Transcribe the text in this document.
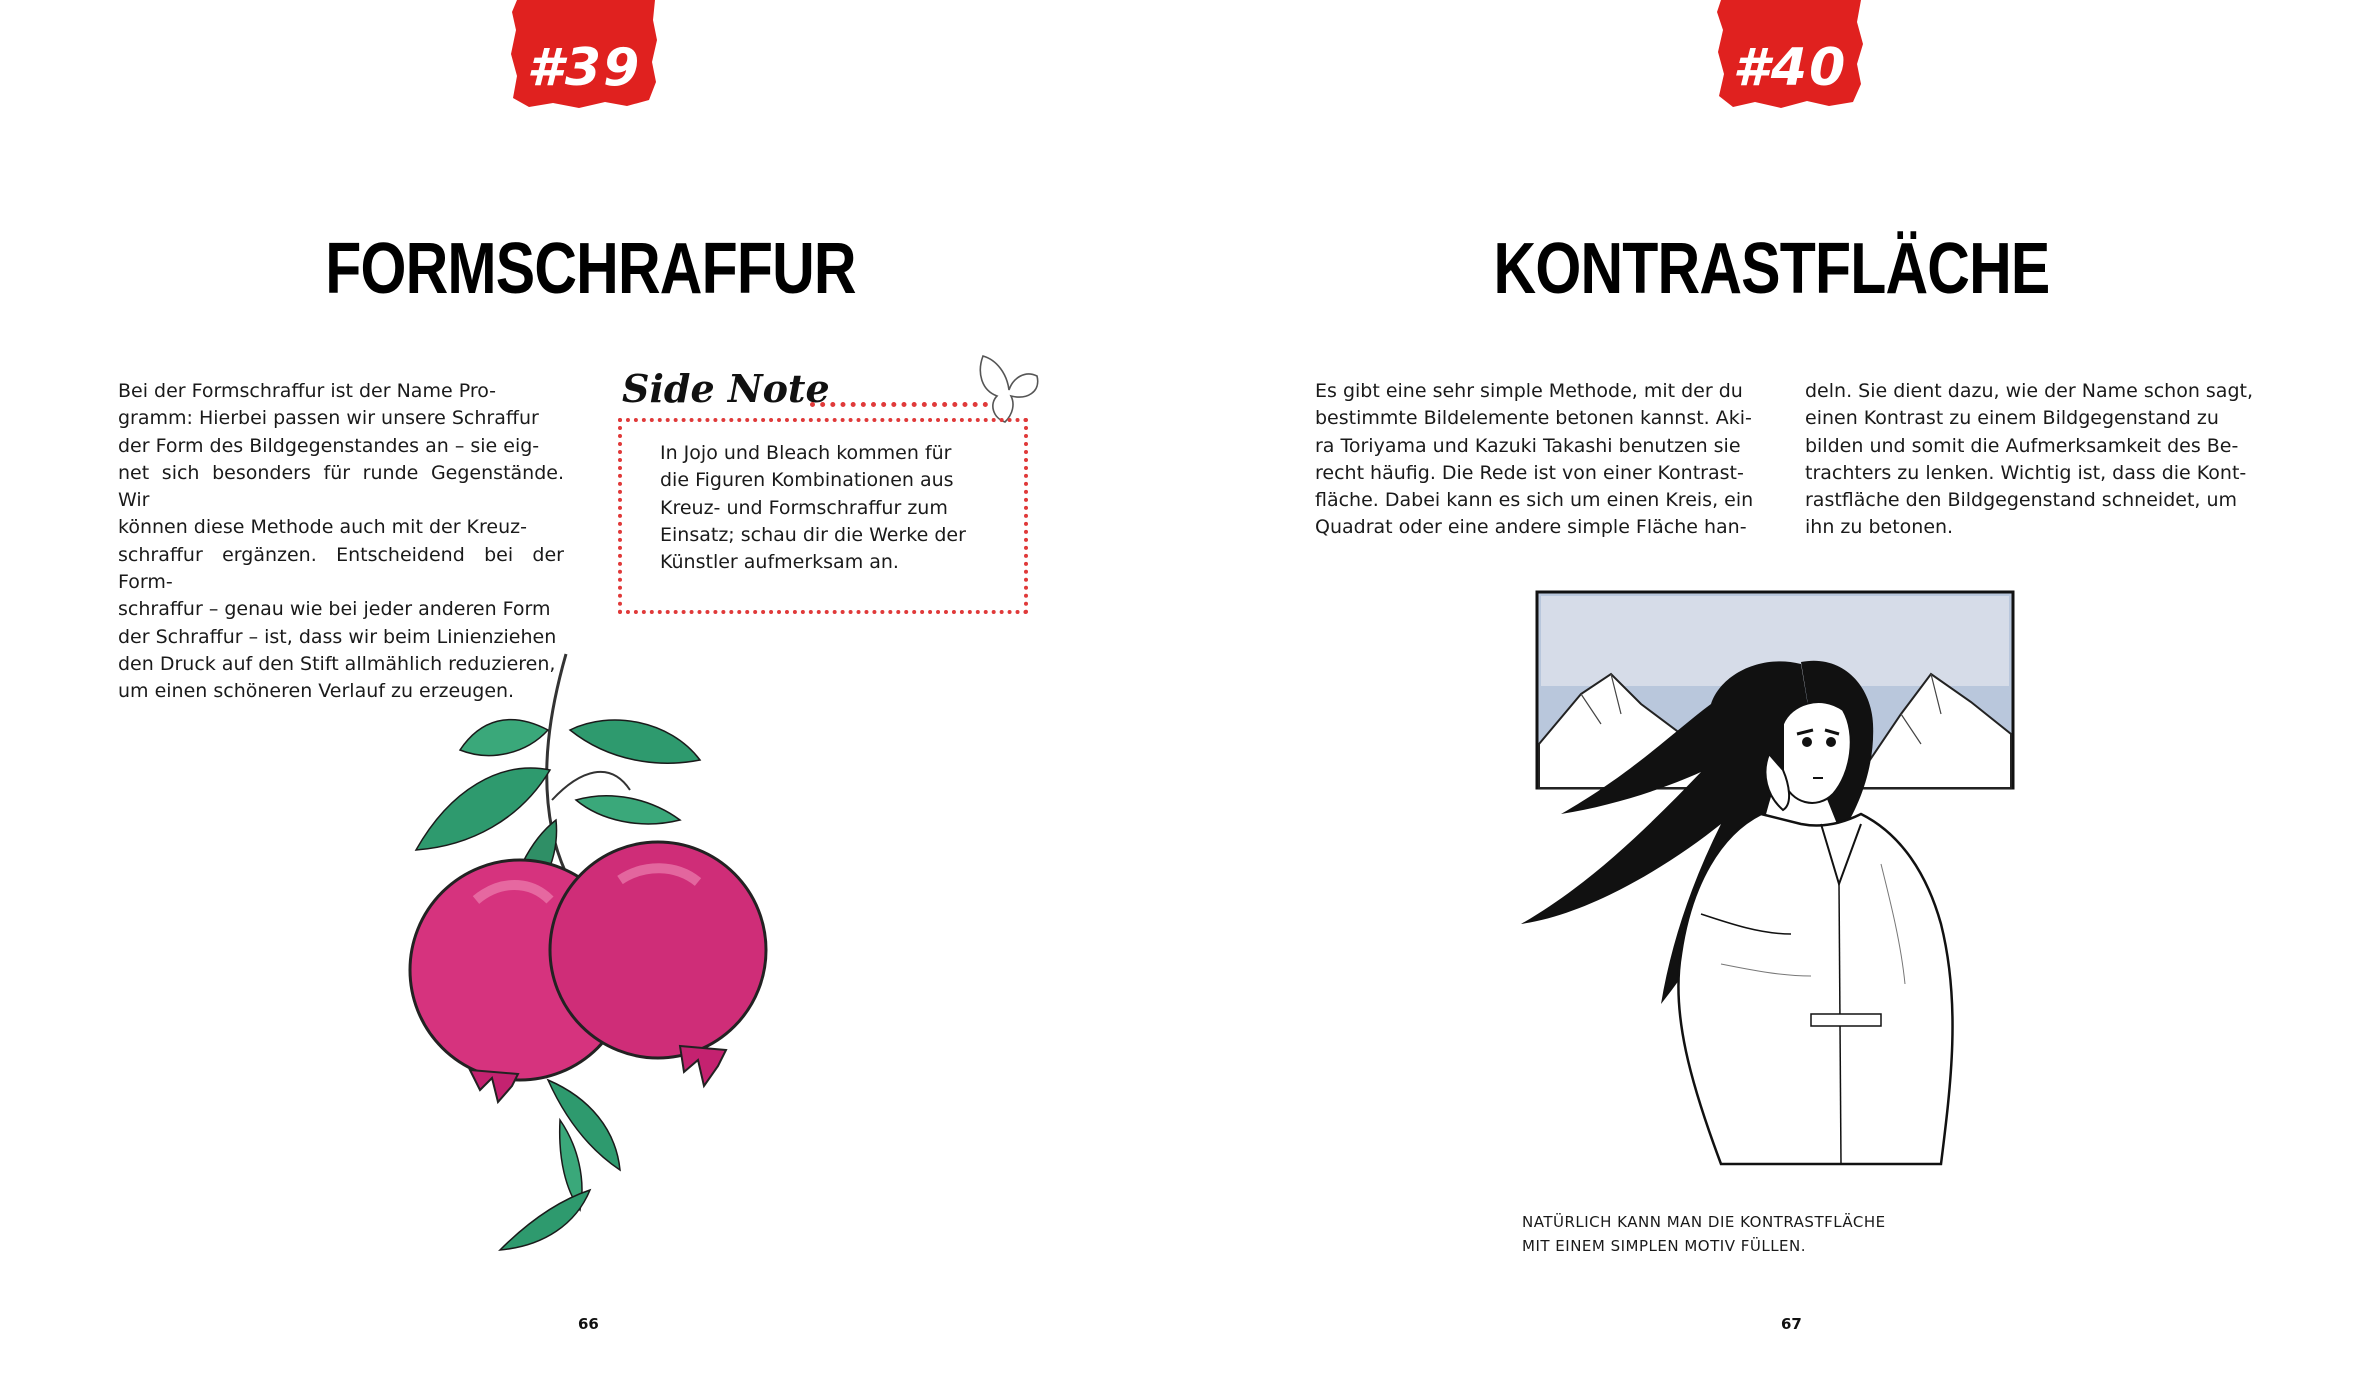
#39
FORMSCHRAFFUR
Bei der Formschraffur ist der Name Pro-
gramm: Hierbei passen wir unsere Schraffur
der Form des Bildgegenstandes an – sie eig-
net sich besonders für runde Gegenstände. Wir
können diese Methode auch mit der Kreuz-
schraffur ergänzen. Entscheidend bei der Form-
schraffur – genau wie bei jeder anderen Form
der Schraffur – ist, dass wir beim Linienziehen
den Druck auf den Stift allmählich reduzieren,
um einen schöneren Verlauf zu erzeugen.
Side Note
In Jojo und Bleach kommen für
die Figuren Kombinationen aus
Kreuz- und Formschraffur zum
Einsatz; schau dir die Werke der
Künstler aufmerksam an.
66
#40
KONTRASTFLÄCHE
Es gibt eine sehr simple Methode, mit der du
bestimmte Bildelemente betonen kannst. Aki-
ra Toriyama und Kazuki Takashi benutzen sie
recht häufig. Die Rede ist von einer Kontrast-
fläche. Dabei kann es sich um einen Kreis, ein
Quadrat oder eine andere simple Fläche han-
deln. Sie dient dazu, wie der Name schon sagt,
einen Kontrast zu einem Bildgegenstand zu
bilden und somit die Aufmerksamkeit des Be-
trachters zu lenken. Wichtig ist, dass die Kont-
rastfläche den Bildgegenstand schneidet, um
ihn zu betonen.
NATÜRLICH KANN MAN DIE KONTRASTFLÄCHE
MIT EINEM SIMPLEN MOTIV FÜLLEN.
67
